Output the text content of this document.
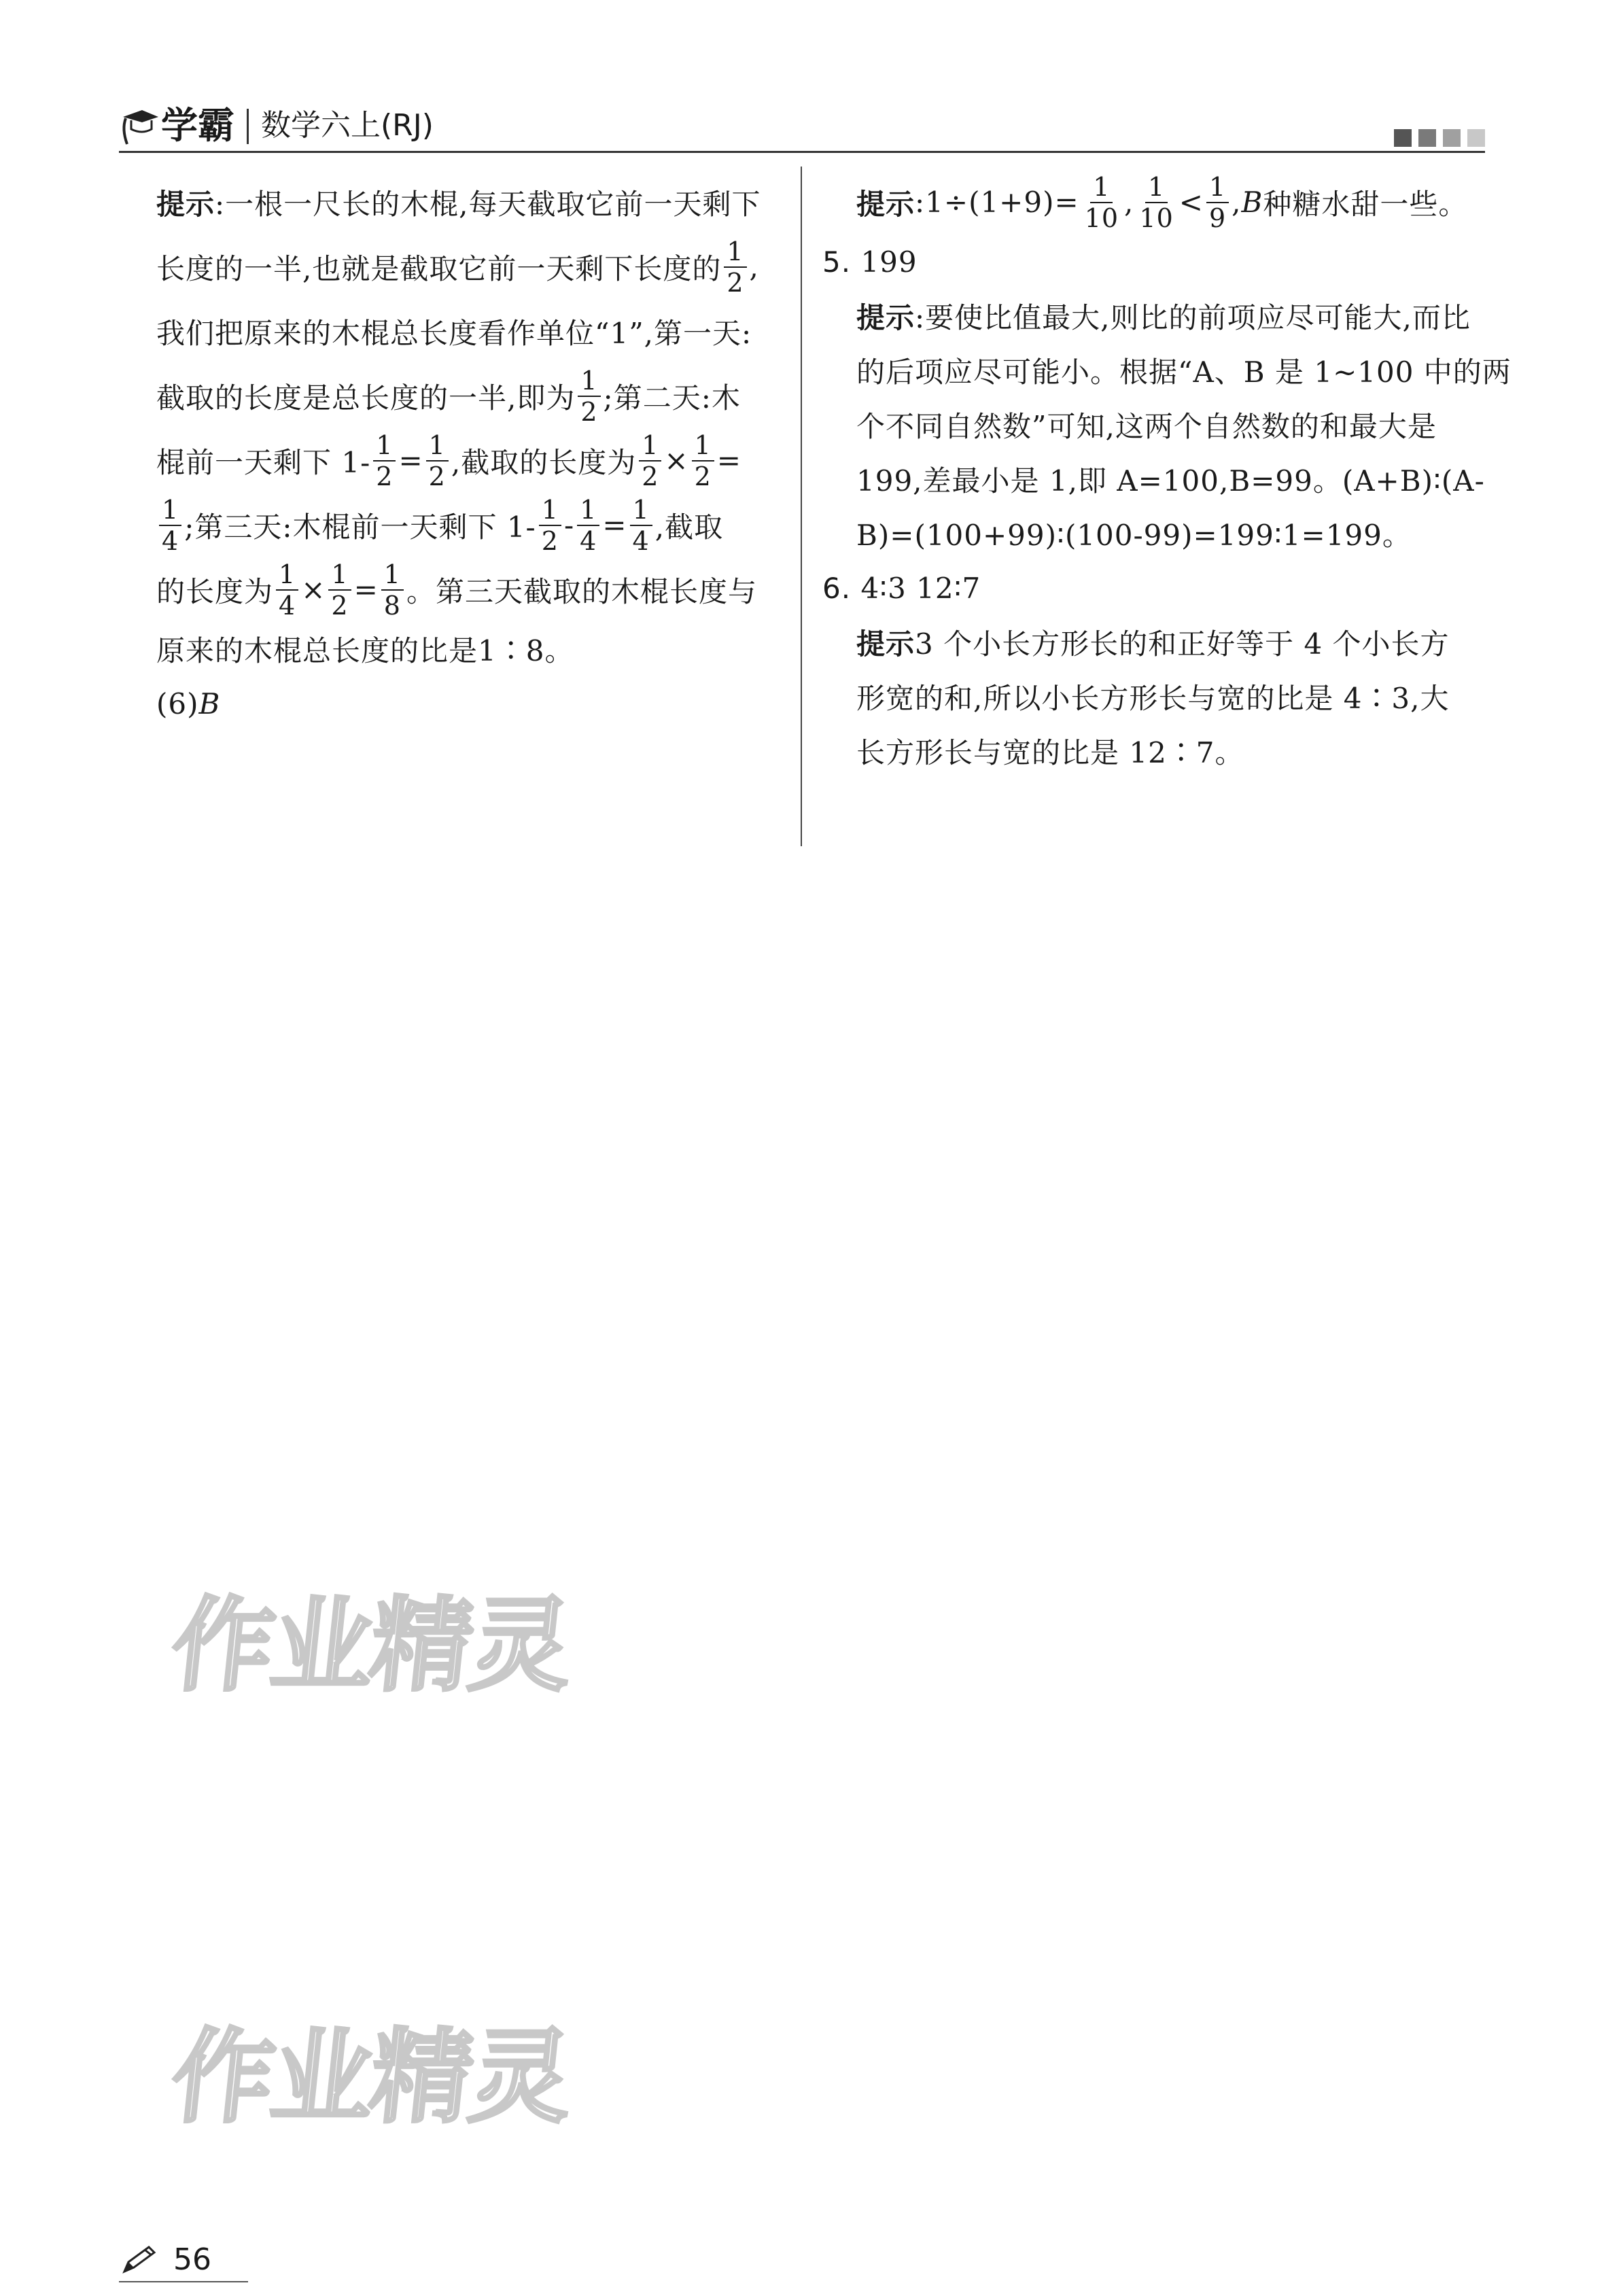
学霸 数学六上(RJ)
提示 :一根一尺长的木棍,每天截取它前一天剩下
长度的一半,也就是截取它前一天剩下长度的 $\frac{1}{2}$ ,
我们把原来的木棍总长度看作单位“1”,第一天:
截取的长度是总长度的一半,即为 $\frac{1}{2}$ ;第二天:木
棍前一天剩下 $1- \frac{1}{2} = \frac{1}{2}$ ,截取的长度为 $\frac{1}{2} \times \frac{1}{2}$ =
$\frac{1}{4}$ ;第三天:木棍前一天剩下 $1- \frac{1}{2} - \frac{1}{4} = \frac{1}{4}$ ,截取
的长度为 $\frac{1}{4} \times \frac{1}{2} = \frac{1}{8}$ 。第三天截取的木棍长度与
原来的木棍总长度的比是1∶8。
(6) B
提示 :1÷(1+9)= $\frac{1}{10}$ , $\frac{1}{10} < \frac{1}{9}$ , B 种糖水甜一些。
5.
199
提示 :要使比值最大,则比的前项应尽可能大,而比
的后项应尽可能小。根据“A、B 是 1~100 中的两
个不同自然数”可知,这两个自然数的和最大是
199,差最小是 1,即 A=100,B=99。(A+B)∶(A-
B)=(100+99)∶(100-99)=199∶1=199。
6.
4∶3 12∶7
提示 3 个小长方形长的和正好等于 4 个小长方
形宽的和,所以小长方形长与宽的比是 4∶3,大
长方形长与宽的比是 12∶7。
作业精灵
作业精灵
56
